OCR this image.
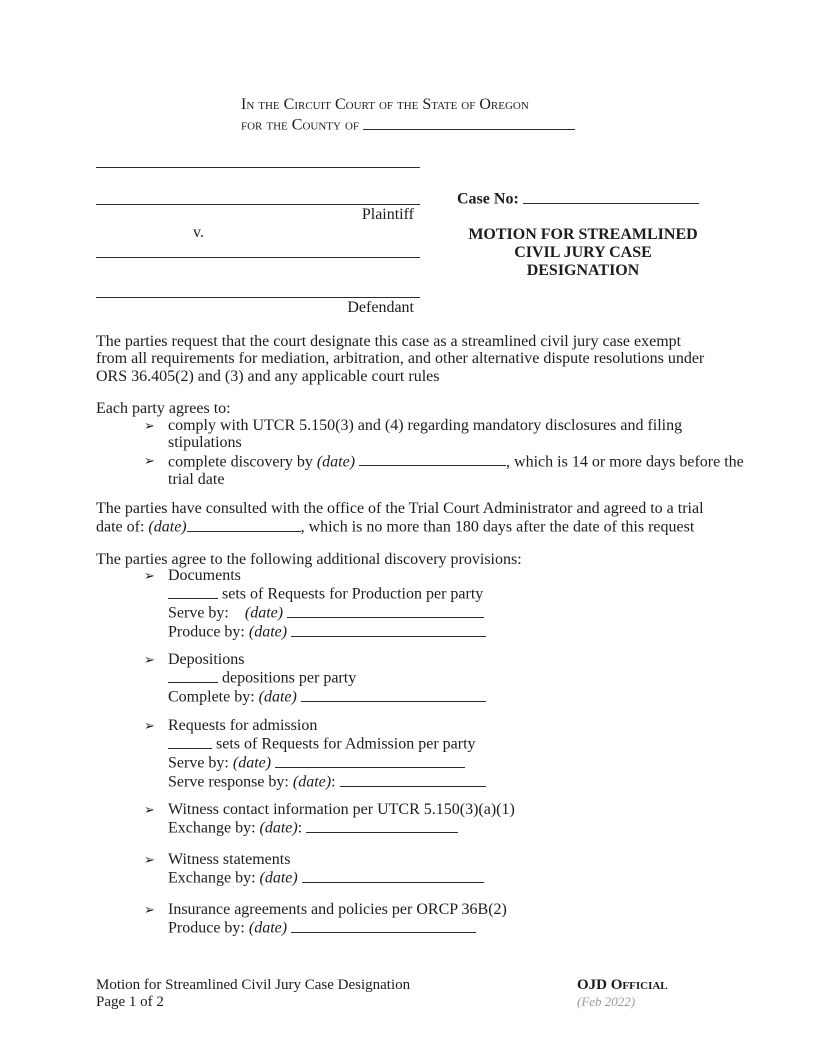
In the Circuit Court of the State of Oregon
for the County of
Plaintiff
v.
Defendant
Case No:
MOTION FOR STREAMLINED
CIVIL JURY CASE
DESIGNATION
The parties request that the court designate this case as a streamlined civil jury case exempt
from all requirements for mediation, arbitration, and other alternative dispute resolutions under
ORS 36.405(2) and (3) and any applicable court rules
Each party agrees to:
➢ comply with UTCR 5.150(3) and (4) regarding mandatory disclosures and filing
stipulations
➢ complete discovery by (date)	, which is 14 or more days before the
trial date
The parties have consulted with the office of the Trial Court Administrator and agreed to a trial
date of: (date)	, which is no more than 180 days after the date of this request
The parties agree to the following additional discovery provisions:
➢ Documents
sets of Requests for Production per party
Serve by:    (date)
Produce by: (date)
➢ Depositions
depositions per party
Complete by: (date)
➢ Requests for admission
sets of Requests for Admission per party
Serve by: (date)
Serve response by: (date):
➢ Witness contact information per UTCR 5.150(3)(a)(1)
Exchange by: (date):
➢ Witness statements
Exchange by: (date)
➢ Insurance agreements and policies per ORCP 36B(2)
Produce by: (date)
Motion for Streamlined Civil Jury Case Designation
Page 1 of 2
OJD Official
(Feb 2022)
